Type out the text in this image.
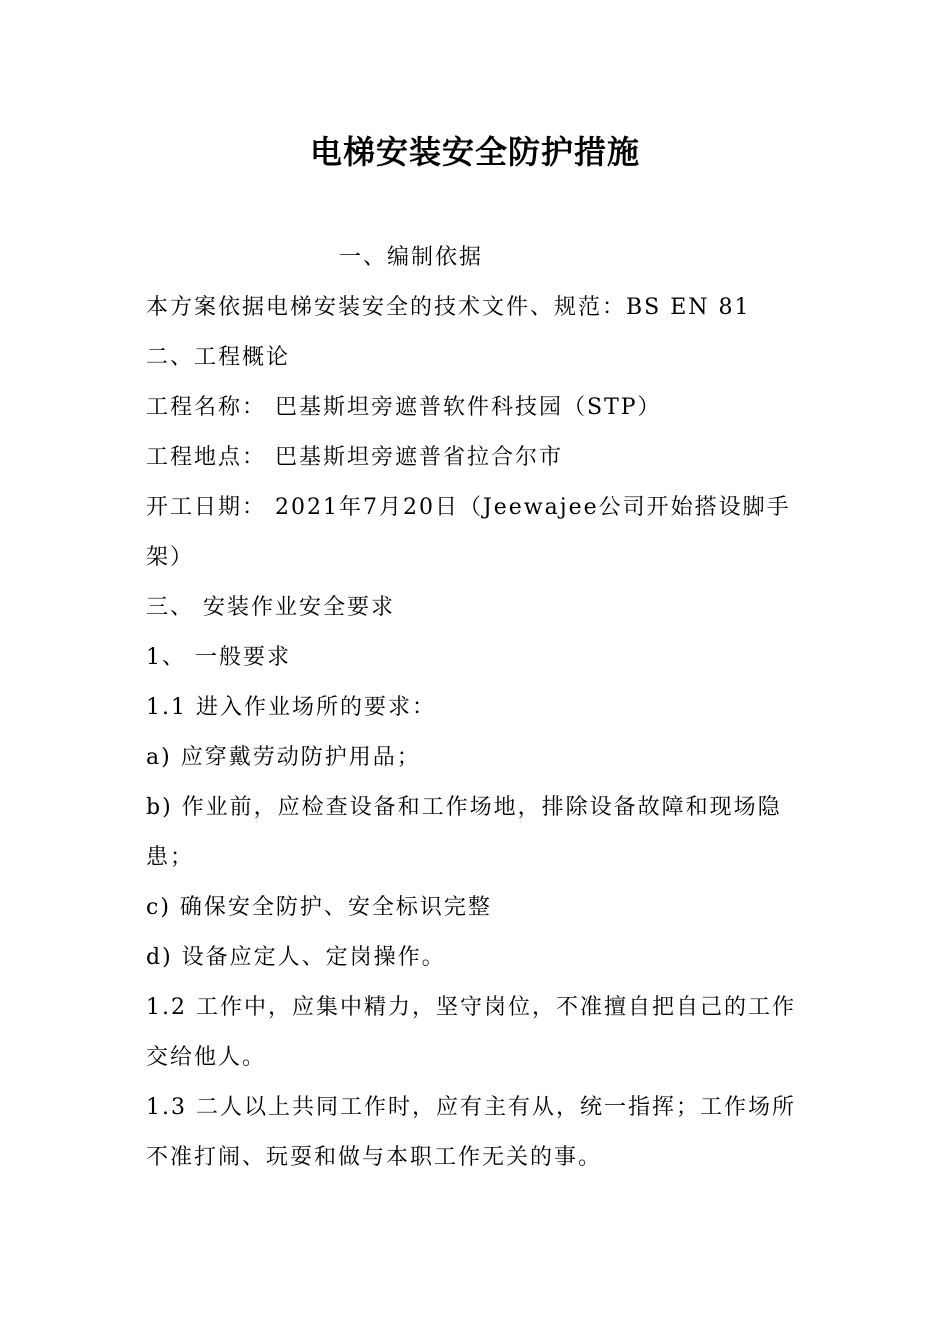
电梯安装安全防护措施

一、编制依据

本方案依据电梯安装安全的技术文件、规范：BS EN 81

二、工程概论

工程名称： 巴基斯坦旁遮普软件科技园（STP）

工程地点： 巴基斯坦旁遮普省拉合尔市

开工日期： 2021年7月20日（Jeewajee公司开始搭设脚手架）

三、 安装作业安全要求

1、 一般要求

1.1 进入作业场所的要求：

a) 应穿戴劳动防护用品；

b) 作业前，应检查设备和工作场地，排除设备故障和现场隐患；

c) 确保安全防护、安全标识完整

d) 设备应定人、定岗操作。

1.2 工作中，应集中精力，坚守岗位，不准擅自把自己的工作交给他人。

1.3 二人以上共同工作时，应有主有从，统一指挥；工作场所不准打闹、玩耍和做与本职工作无关的事。
